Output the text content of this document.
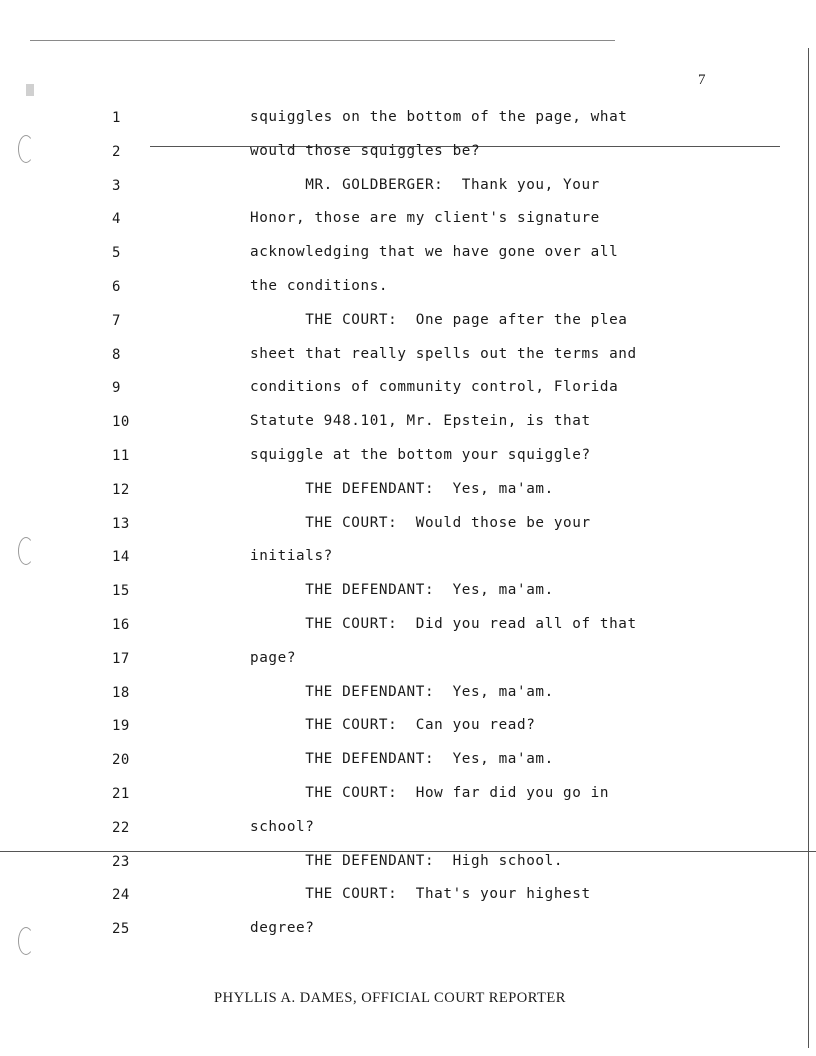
7
1	squiggles on the bottom of the page, what
2	would those squiggles be?
3	MR. GOLDBERGER:  Thank you, Your
4	Honor, those are my client's signature
5	acknowledging that we have gone over all
6	the conditions.
7	THE COURT:  One page after the plea
8	sheet that really spells out the terms and
9	conditions of community control, Florida
10	Statute 948.101, Mr. Epstein, is that
11	squiggle at the bottom your squiggle?
12	THE DEFENDANT:  Yes, ma'am.
13	THE COURT:  Would those be your
14	initials?
15	THE DEFENDANT:  Yes, ma'am.
16	THE COURT:  Did you read all of that
17	page?
18	THE DEFENDANT:  Yes, ma'am.
19	THE COURT:  Can you read?
20	THE DEFENDANT:  Yes, ma'am.
21	THE COURT:  How far did you go in
22	school?
23	THE DEFENDANT:  High school.
24	THE COURT:  That's your highest
25	degree?
PHYLLIS A. DAMES, OFFICIAL COURT REPORTER
